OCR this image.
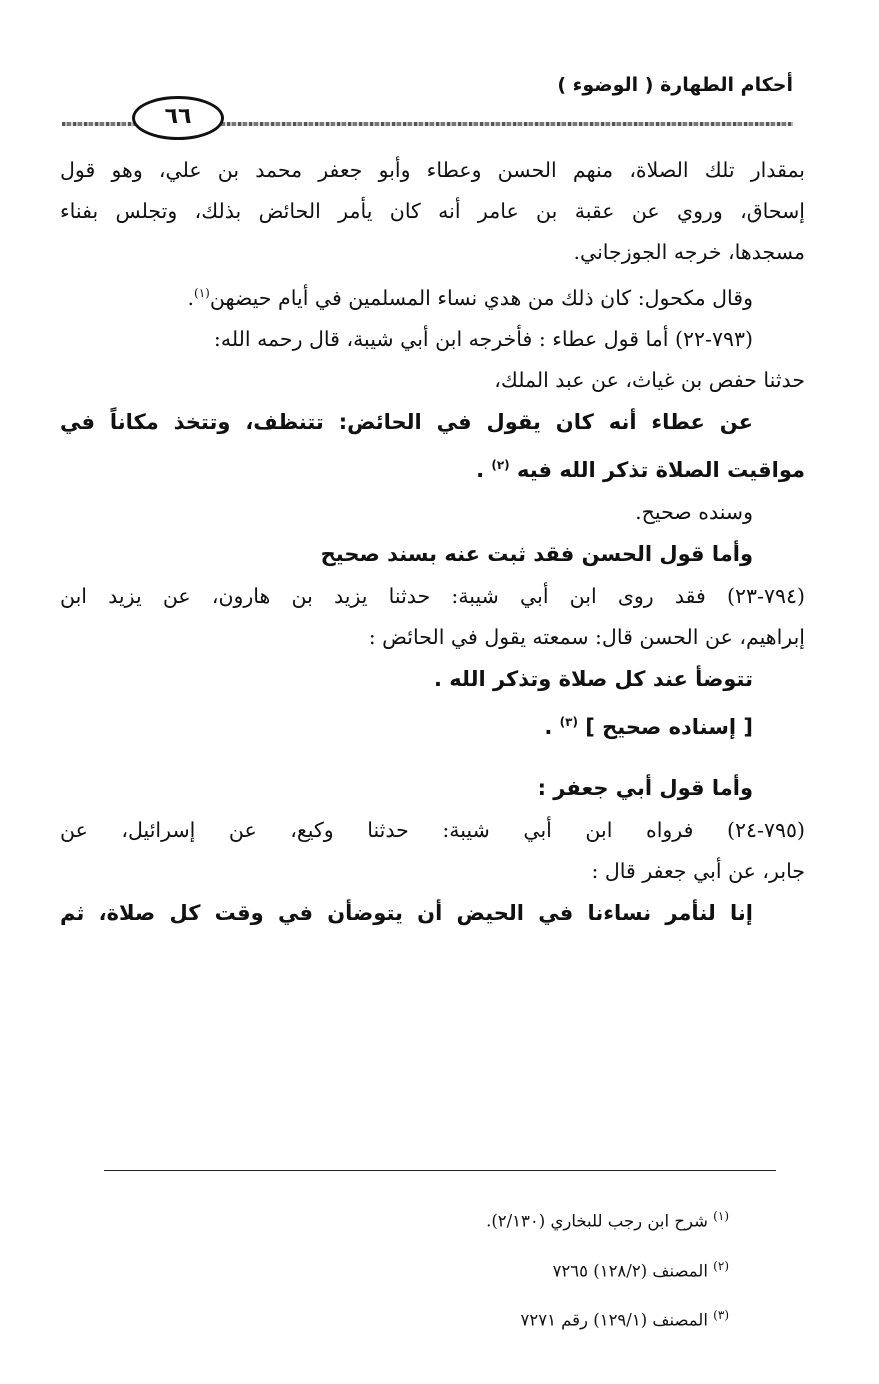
أحكام الطهارة ( الوضوء )
٦٦
بمقدار تلك الصلاة، منهم الحسن وعطاء وأبو جعفر محمد بن علي، وهو قول
إسحاق، وروي عن عقبة بن عامر أنه كان يأمر الحائض بذلك، وتجلس بفناء
مسجدها، خرجه الجوزجاني.
وقال مكحول: كان ذلك من هدي نساء المسلمين في أيام حيضهن$^{(١)}$.
(٧٩٣-٢٢) أما قول عطاء : فأخرجه ابن أبي شيبة، قال رحمه الله:
حدثنا حفص بن غياث، عن عبد الملك،
عن عطاء أنه كان يقول في الحائض: تتنظف، وتتخذ مكاناً في
مواقيت الصلاة تذكر الله فيه $^{(٢)}$ .
وسنده صحيح.
وأما قول الحسن فقد ثبت عنه بسند صحيح
(٧٩٤-٢٣) فقد روى ابن أبي شيبة: حدثنا يزيد بن هارون، عن يزيد ابن
إبراهيم، عن الحسن قال: سمعته يقول في الحائض :
تتوضأ عند كل صلاة وتذكر الله .
[ إسناده صحيح ] $^{(٣)}$ .
وأما قول أبي جعفر :
(٧٩٥-٢٤) فرواه ابن أبي شيبة: حدثنا وكيع، عن إسرائيل، عن
جابر، عن أبي جعفر قال :
إنا لنأمر نساءنا في الحيض أن يتوضأن في وقت كل صلاة، ثم
$^{(١)}$ شرح ابن رجب للبخاري (٢/١٣٠).
$^{(٢)}$ المصنف (١٢٨/٢) ٧٢٦٥
$^{(٣)}$ المصنف (١٢٩/١) رقم ٧٢٧١
